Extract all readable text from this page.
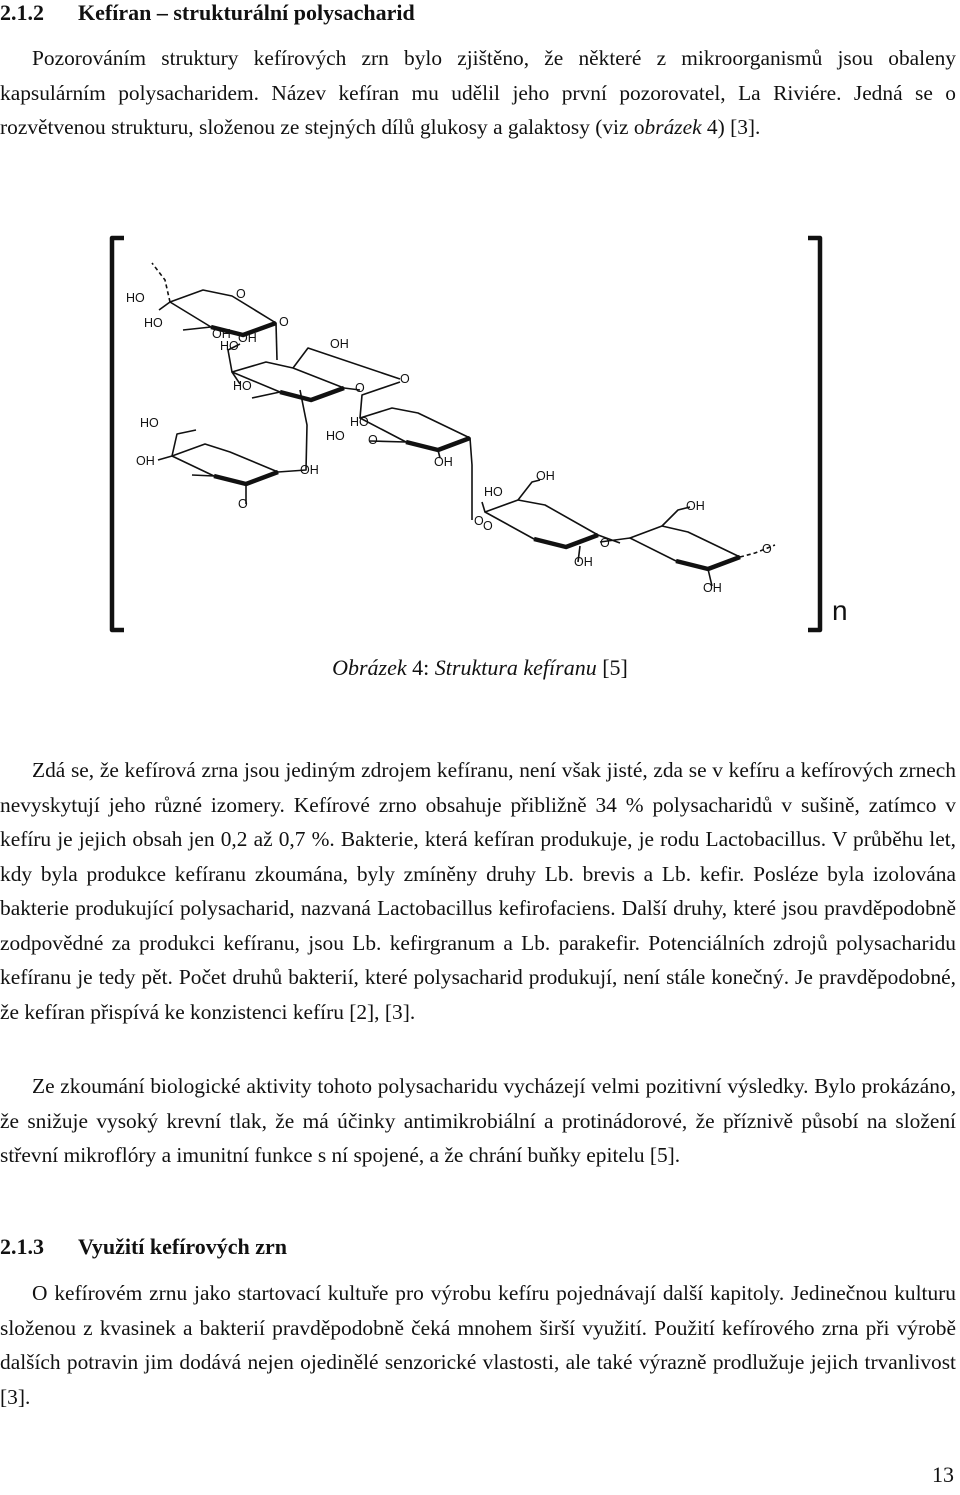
2.1.2 Kefíran – strukturální polysacharid

Pozorováním struktury kefírových zrn bylo zjištěno, že některé z mikroorganismů jsou obaleny kapsulárním polysacharidem. Název kefíran mu udělil jeho první pozorovatel, La Riviére. Jedná se o rozvětvenou strukturu, složenou ze stejných dílů glukosy a galaktosy (viz obrázek 4) [3].

HO	O
HO	O
OH
HO
O
OH
HO	O
OH
HO
OH
O
OH
O
HO
OH
O
OH
O
OH
OH
HO
OH
O
HO
O
n

Obrázek 4: Struktura kefíranu [5]

Zdá se, že kefírová zrna jsou jediným zdrojem kefíranu, není však jisté, zda se v kefíru a kefírových zrnech nevyskytují jeho různé izomery. Kefírové zrno obsahuje přibližně 34 % polysacharidů v sušině, zatímco v kefíru je jejich obsah jen 0,2 až 0,7 %. Bakterie, která kefíran produkuje, je rodu Lactobacillus. V průběhu let, kdy byla produkce kefíranu zkoumána, byly zmíněny druhy Lb. brevis a Lb. kefir. Posléze byla izolována bakterie produkující polysacharid, nazvaná Lactobacillus kefirofaciens. Další druhy, které jsou pravděpodobně zodpovědné za produkci kefíranu, jsou Lb. kefirgranum a Lb. parakefir. Potenciálních zdrojů polysacharidu kefíranu je tedy pět. Počet druhů bakterií, které polysacharid produkují, není stále konečný. Je pravděpodobné, že kefíran přispívá ke konzistenci kefíru [2], [3].

Ze zkoumání biologické aktivity tohoto polysacharidu vycházejí velmi pozitivní výsledky. Bylo prokázáno, že snižuje vysoký krevní tlak, že má účinky antimikrobiální a protinádorové, že příznivě působí na složení střevní mikroflóry a imunitní funkce s ní spojené, a že chrání buňky epitelu [5].

2.1.3 Využití kefírových zrn

O kefírovém zrnu jako startovací kultuře pro výrobu kefíru pojednávají další kapitoly. Jedinečnou kulturu složenou z kvasinek a bakterií pravděpodobně čeká mnohem širší využití. Použití kefírového zrna při výrobě dalších potravin jim dodává nejen ojedinělé senzorické vlastosti, ale také výrazně prodlužuje jejich trvanlivost [3].

13
